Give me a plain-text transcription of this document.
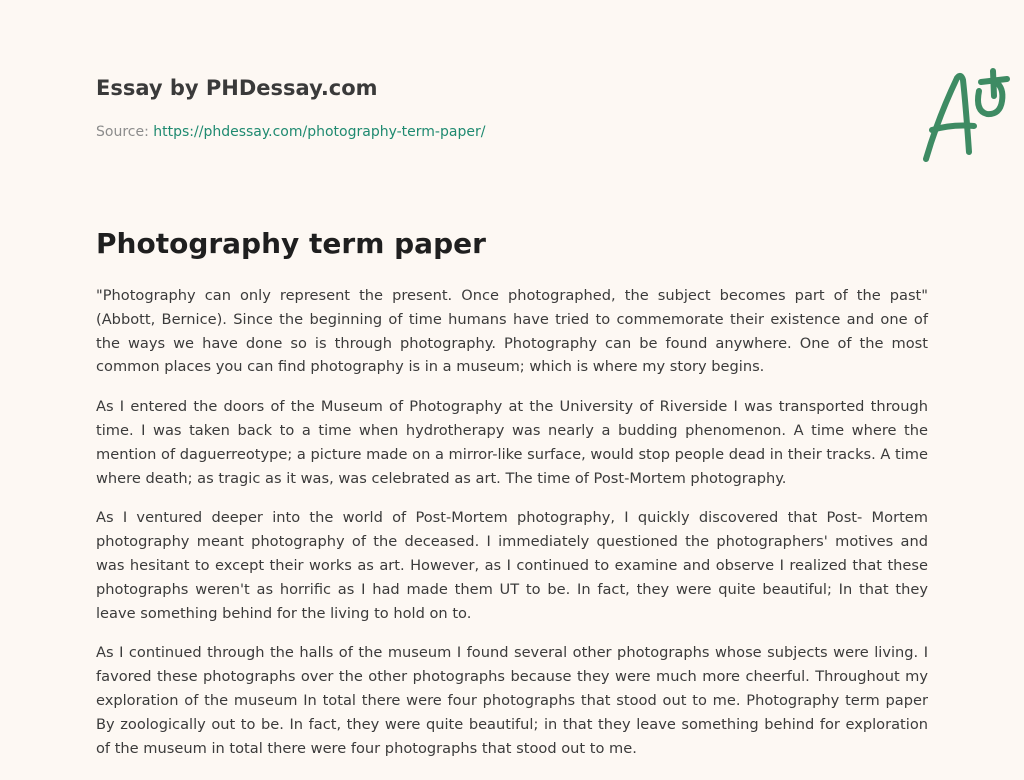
Essay by PHDessay.com
Source: https://phdessay.com/photography-term-paper/
Photography term paper

"Photography can only represent the present. Once photographed, the subject becomes part of the past" (Abbott, Bernice). Since the beginning of time humans have tried to commemorate their existence and one of the ways we have done so is through photography. Photography can be found anywhere. One of the most common places you can find photography is in a museum; which is where my story begins.

As I entered the doors of the Museum of Photography at the University of Riverside I was transported through time. I was taken back to a time when hydrotherapy was nearly a budding phenomenon. A time where the mention of daguerreotype; a picture made on a mirror-like surface, would stop people dead in their tracks. A time where death; as tragic as it was, was celebrated as art. The time of Post-Mortem photography.

As I ventured deeper into the world of Post-Mortem photography, I quickly discovered that Post- Mortem photography meant photography of the deceased. I immediately questioned the photographers' motives and was hesitant to except their works as art. However, as I continued to examine and observe I realized that these photographs weren't as horrific as I had made them UT to be. In fact, they were quite beautiful; In that they leave something behind for the living to hold on to.

As I continued through the halls of the museum I found several other photographs whose subjects were living. I favored these photographs over the other photographs because they were much more cheerful. Throughout my exploration of the museum In total there were four photographs that stood out to me. Photography term paper By zoologically out to be. In fact, they were quite beautiful; in that they leave something behind for exploration of the museum in total there were four photographs that stood out to me.
